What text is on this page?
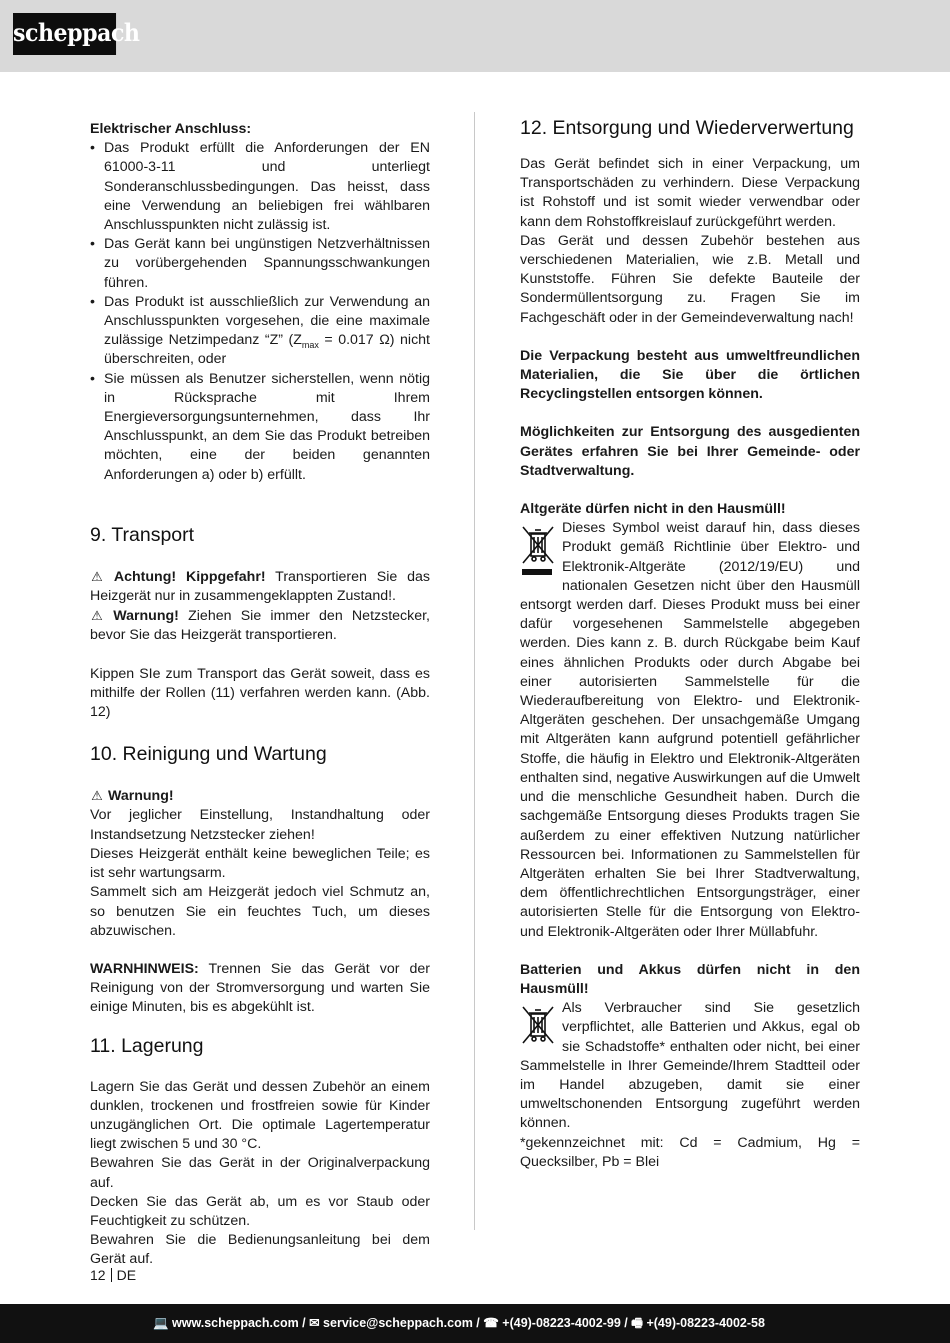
scheppach
Elektrischer Anschluss:
• Das Produkt erfüllt die Anforderungen der EN 61000-3-11 und unterliegt Sonderanschlussbedingungen. Das heisst, dass eine Verwendung an beliebigen frei wählbaren Anschlusspunkten nicht zulässig ist.
• Das Gerät kann bei ungünstigen Netzverhältnissen zu vorübergehenden Spannungsschwankungen führen.
• Das Produkt ist ausschließlich zur Verwendung an Anschlusspunkten vorgesehen, die eine maximale zulässige Netzimpedanz “Z” ($Z_{max} = 0.017$ Ω) nicht überschreiten, oder
• Sie müssen als Benutzer sicherstellen, wenn nötig in Rücksprache mit Ihrem Energieversorgungsunternehmen, dass Ihr Anschlusspunkt, an dem Sie das Produkt betreiben möchten, eine der beiden genannten Anforderungen a) oder b) erfüllt.
9. Transport

⚠ Achtung! Kippgefahr! Transportieren Sie das Heizgerät nur in zusammengeklappten Zustand!.

⚠ Warnung! Ziehen Sie immer den Netzstecker, bevor Sie das Heizgerät transportieren.

Kippen SIe zum Transport das Gerät soweit, dass es mithilfe der Rollen (11) verfahren werden kann. (Abb. 12)

10. Reinigung und Wartung

⚠ Warnung!

Vor jeglicher Einstellung, Instandhaltung oder Instandsetzung Netzstecker ziehen!

Dieses Heizgerät enthält keine beweglichen Teile; es ist sehr wartungsarm.

Sammelt sich am Heizgerät jedoch viel Schmutz an, so benutzen Sie ein feuchtes Tuch, um dieses abzuwischen.

WARNHINWEIS: Trennen Sie das Gerät vor der Reinigung von der Stromversorgung und warten Sie einige Minuten, bis es abgekühlt ist.

11. Lagerung

Lagern Sie das Gerät und dessen Zubehör an einem dunklen, trockenen und frostfreien sowie für Kinder unzugänglichen Ort. Die optimale Lagertemperatur liegt zwischen 5 und 30 °C.

Bewahren Sie das Gerät in der Originalverpackung auf.

Decken Sie das Gerät ab, um es vor Staub oder Feuchtigkeit zu schützen.

Bewahren Sie die Bedienungsanleitung bei dem Gerät auf.

12. Entsorgung und Wiederverwertung

Das Gerät befindet sich in einer Verpackung, um Transportschäden zu verhindern. Diese Verpackung ist Rohstoff und ist somit wieder verwendbar oder kann dem Rohstoffkreislauf zurückgeführt werden.

Das Gerät und dessen Zubehör bestehen aus verschiedenen Materialien, wie z.B. Metall und Kunststoffe. Führen Sie defekte Bauteile der Sondermüllentsorgung zu. Fragen Sie im Fachgeschäft oder in der Gemeindeverwaltung nach!

Die Verpackung besteht aus umweltfreundlichen Materialien, die Sie über die örtlichen Recyclingstellen entsorgen können.

Möglichkeiten zur Entsorgung des ausgedienten Gerätes erfahren Sie bei Ihrer Gemeinde- oder Stadtverwaltung.

Altgeräte dürfen nicht in den Hausmüll!

Dieses Symbol weist darauf hin, dass dieses Produkt gemäß Richtlinie über Elektro- und Elektronik-Altgeräte (2012/19/EU) und nationalen Gesetzen nicht über den Hausmüll entsorgt werden darf. Dieses Produkt muss bei einer dafür vorgesehenen Sammelstelle abgegeben werden. Dies kann z. B. durch Rückgabe beim Kauf eines ähnlichen Produkts oder durch Abgabe bei einer autorisierten Sammelstelle für die Wiederaufbereitung von Elektro- und Elektronik-Altgeräten geschehen. Der unsachgemäße Umgang mit Altgeräten kann aufgrund potentiell gefährlicher Stoffe, die häufig in Elektro und Elektronik-Altgeräten enthalten sind, negative Auswirkungen auf die Umwelt und die menschliche Gesundheit haben. Durch die sachgemäße Entsorgung dieses Produkts tragen Sie außerdem zu einer effektiven Nutzung natürlicher Ressourcen bei. Informationen zu Sammelstellen für Altgeräten erhalten Sie bei Ihrer Stadtverwaltung, dem öffentlichrechtlichen Entsorgungsträger, einer autorisierten Stelle für die Entsorgung von Elektro- und Elektronik-Altgeräten oder Ihrer Müllabfuhr.

Batterien und Akkus dürfen nicht in den Hausmüll!

Als Verbraucher sind Sie gesetzlich verpflichtet, alle Batterien und Akkus, egal ob sie Schadstoffe* enthalten oder nicht, bei einer Sammelstelle in Ihrer Gemeinde/Ihrem Stadtteil oder im Handel abzugeben, damit sie einer umweltschonenden Entsorgung zugeführt werden können.

*gekennzeichnet mit: Cd = Cadmium, Hg = Quecksilber, Pb = Blei

12 DE
💻 www.scheppach.com / ✉ service@scheppach.com / ☎ +(49)-08223-4002-99 / 🖷 +(49)-08223-4002-58
